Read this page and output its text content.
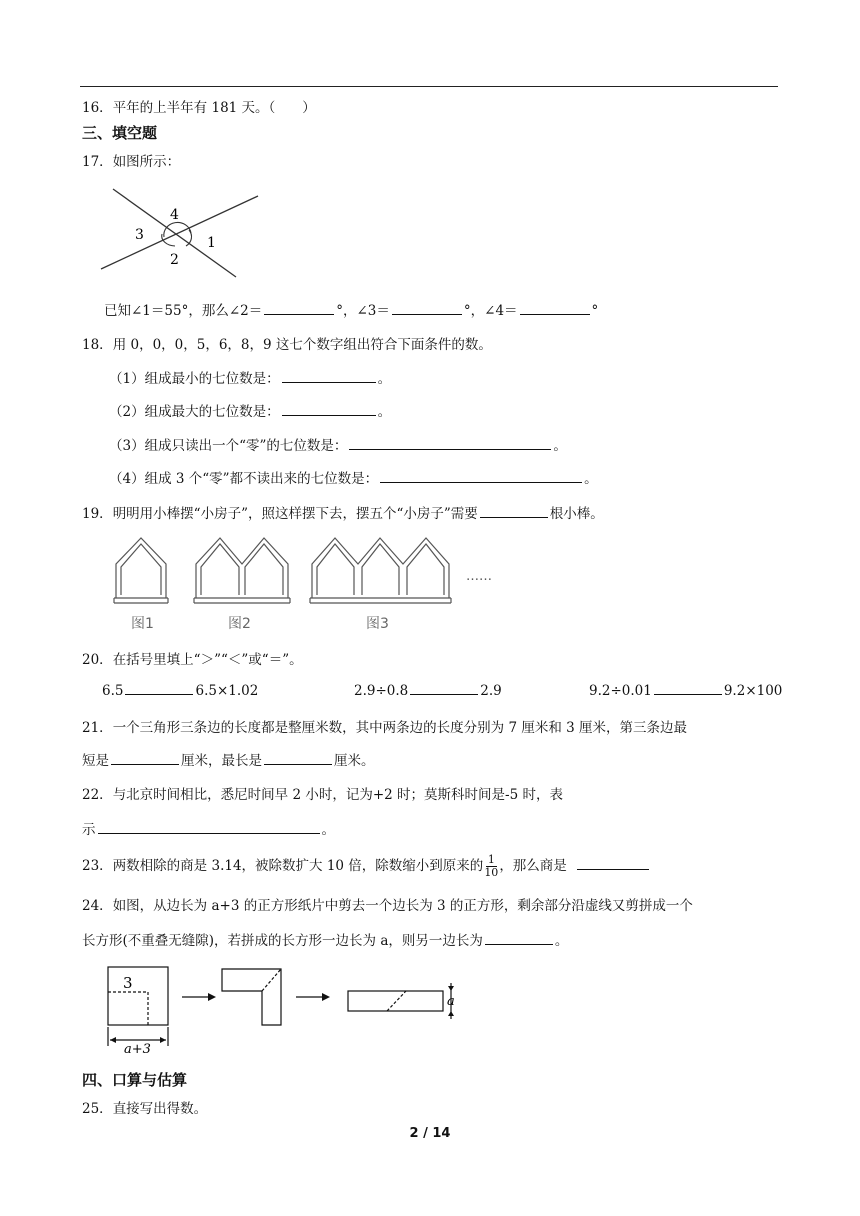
16．平年的上半年有 181 天。（　　）
三、填空题
17．如图所示：
4
3	1
2
已知∠1＝55°，那么∠2＝	°，∠3＝	°，∠4＝	°
18．用 0，0，0，5，6，8，9 这七个数字组出符合下面条件的数。
（1）组成最小的七位数是：	。
（2）组成最大的七位数是：	。
（3）组成只读出一个“零”的七位数是：	。
（4）组成 3 个“零”都不读出来的七位数是：	。
19．明明用小棒摆“小房子”，照这样摆下去，摆五个“小房子”需要	根小棒。
……
图1	图2	图3
20．在括号里填上“＞”“＜”或“＝”。
6.5	6.5×1.02	2.9÷0.8	2.9	9.2÷0.01	9.2×100
21．一个三角形三条边的长度都是整厘米数，其中两条边的长度分别为 7 厘米和 3 厘米，第三条边最
短是	厘米，最长是	厘米。
22．与北京时间相比，悉尼时间早 2 小时，记为+2 时；莫斯科时间是-5 时，表
示	。
23．两数相除的商是 3.14，被除数扩大 10 倍，除数缩小到原来的 $\frac{1}{10}$ ，那么商是
24．如图，从边长为 a+3 的正方形纸片中剪去一个边长为 3 的正方形，剩余部分沿虚线又剪拼成一个
长方形(不重叠无缝隙)，若拼成的长方形一边长为 a，则另一边长为	。
3
a+3
a
四、口算与估算
25．直接写出得数。
2 / 14
